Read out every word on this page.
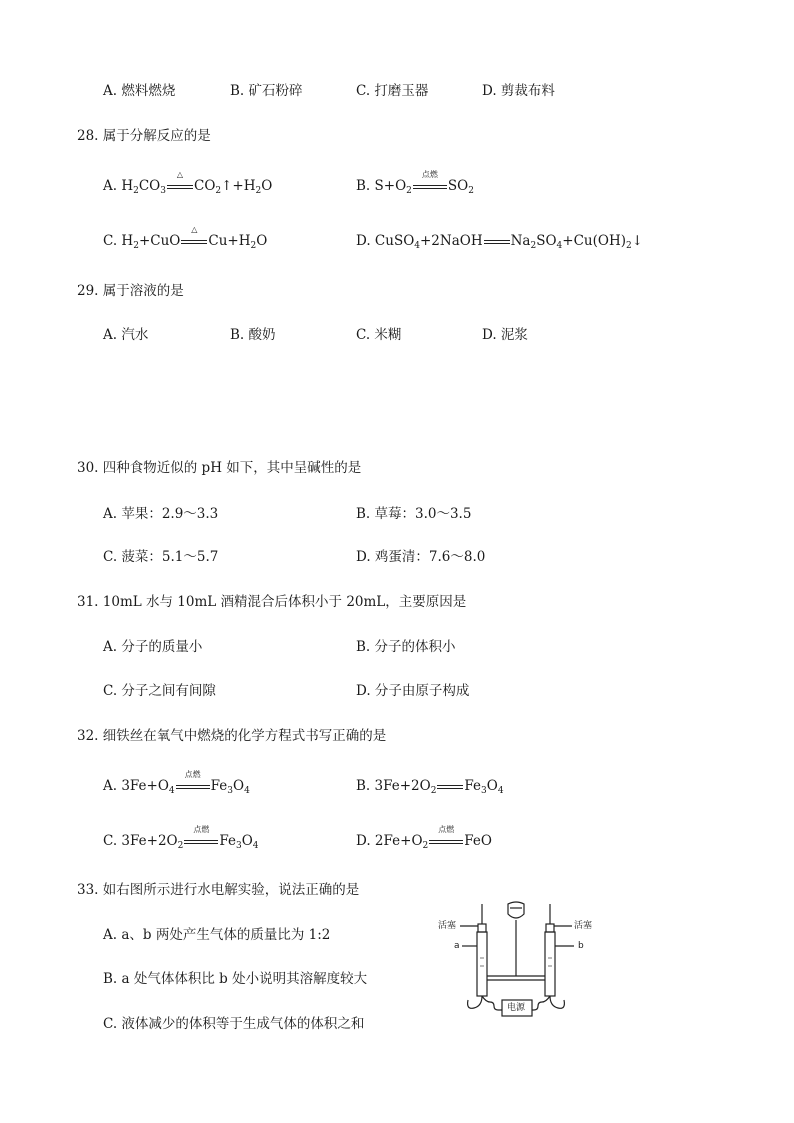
A. 燃料燃烧	B. 矿石粉碎	C. 打磨玉器	D. 剪裁布料
28. 属于分解反应的是
A. $H_2CO_3$
△
$CO_2↑+H_2O$	B. $S+O_2$
点燃
$SO_2$
C. $H_2+CuO$
△
$Cu+H_2O$	D. CuSO$_4$+2NaOH $Na_2SO_4+Cu(OH)_2↓$
29. 属于溶液的是
A. 汽水	B. 酸奶	C. 米糊	D. 泥浆
30. 四种食物近似的 pH 如下，其中呈碱性的是
A. 苹果：2.9～3.3	B. 草莓：3.0～3.5
C. 菠菜：5.1～5.7	D. 鸡蛋清：7.6～8.0
31. 10mL 水与 10mL 酒精混合后体积小于 20mL，主要原因是
A. 分子的质量小	B. 分子的体积小
C. 分子之间有间隙	D. 分子由原子构成
32. 细铁丝在氧气中燃烧的化学方程式书写正确的是
A. $3Fe+O_4$
点燃
$Fe_3O_4$	B. $3Fe+2O_2$ $Fe_3O_4$
C. $3Fe+2O_2$
点燃
$Fe_3O_4$	D. $2Fe+O_2$
点燃
FeO
33. 如右图所示进行水电解实验，说法正确的是
A. a、b 两处产生气体的质量比为 1:2
B. a 处气体体积比 b 处小说明其溶解度较大
C. 液体减少的体积等于生成气体的体积之和
活塞	活塞
a	b
电源
